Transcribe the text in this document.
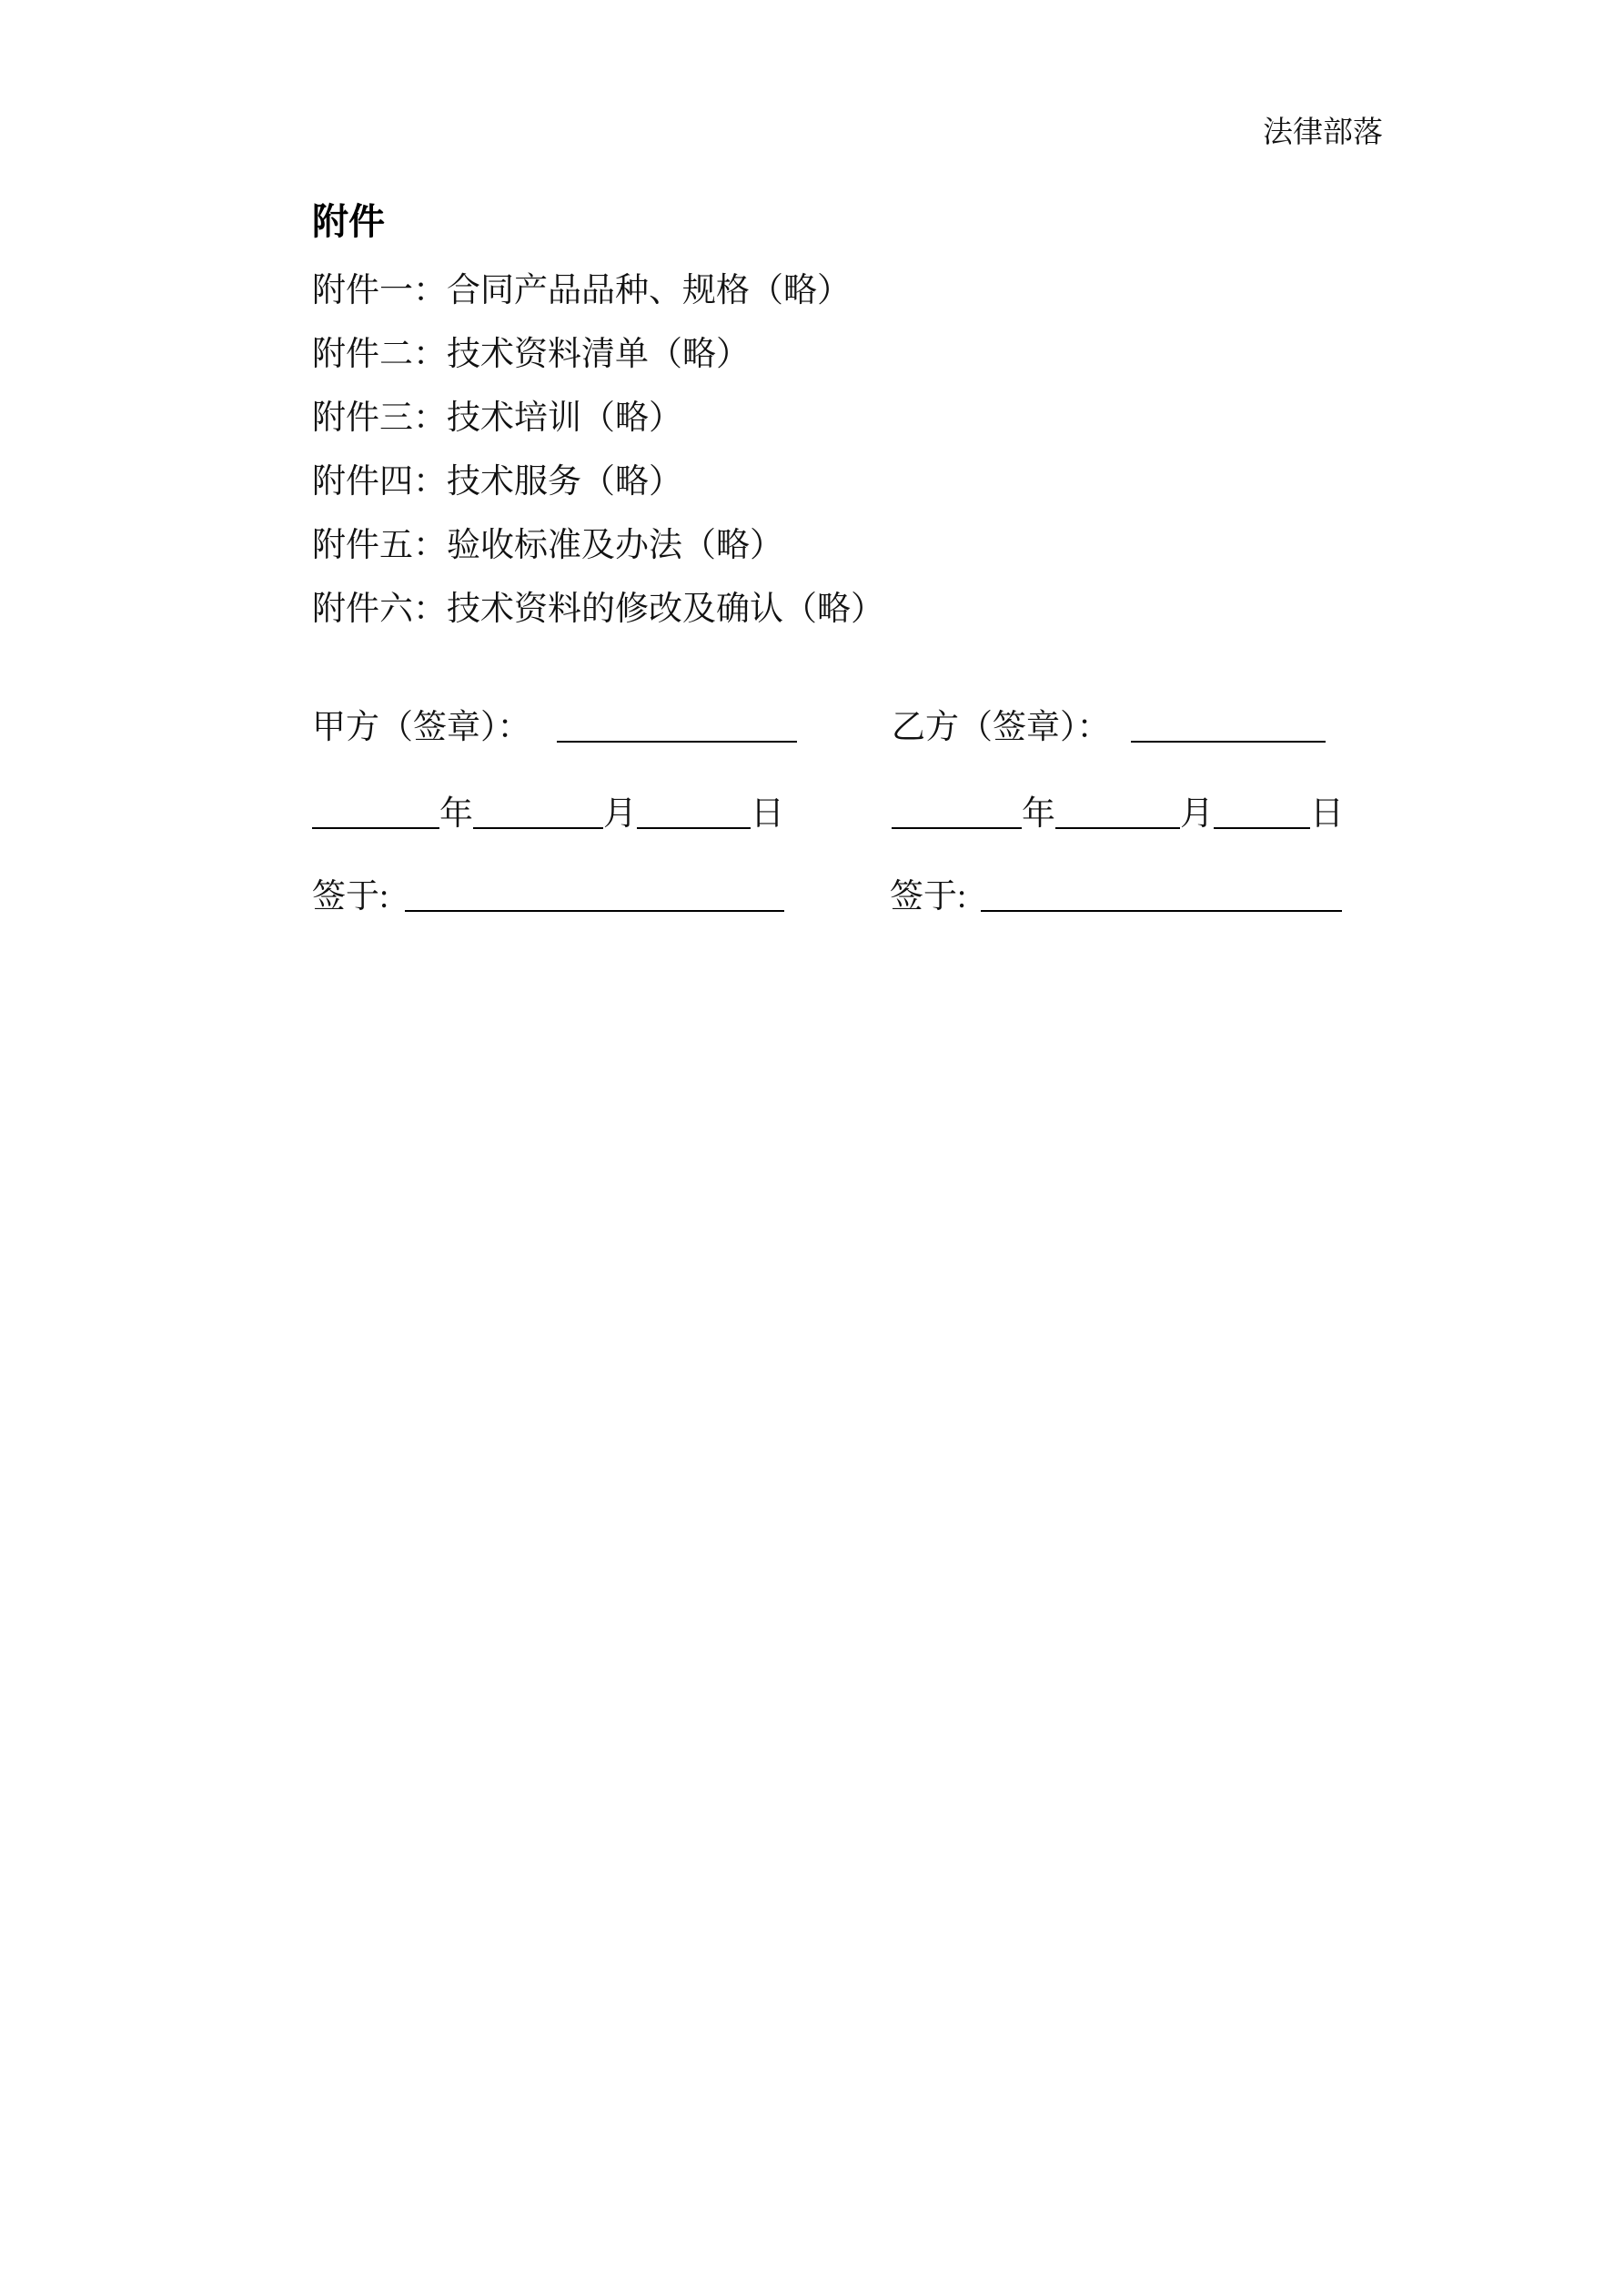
法律部落
附件
附件一：合同产品品种、规格（略）
附件二：技术资料清单（略）
附件三：技术培训（略）
附件四：技术服务（略）
附件五：验收标准及办法（略）
附件六：技术资料的修改及确认（略）
甲方（签章）：	乙方（签章）：
年	月	日	年	月	日
签于:	签于:
